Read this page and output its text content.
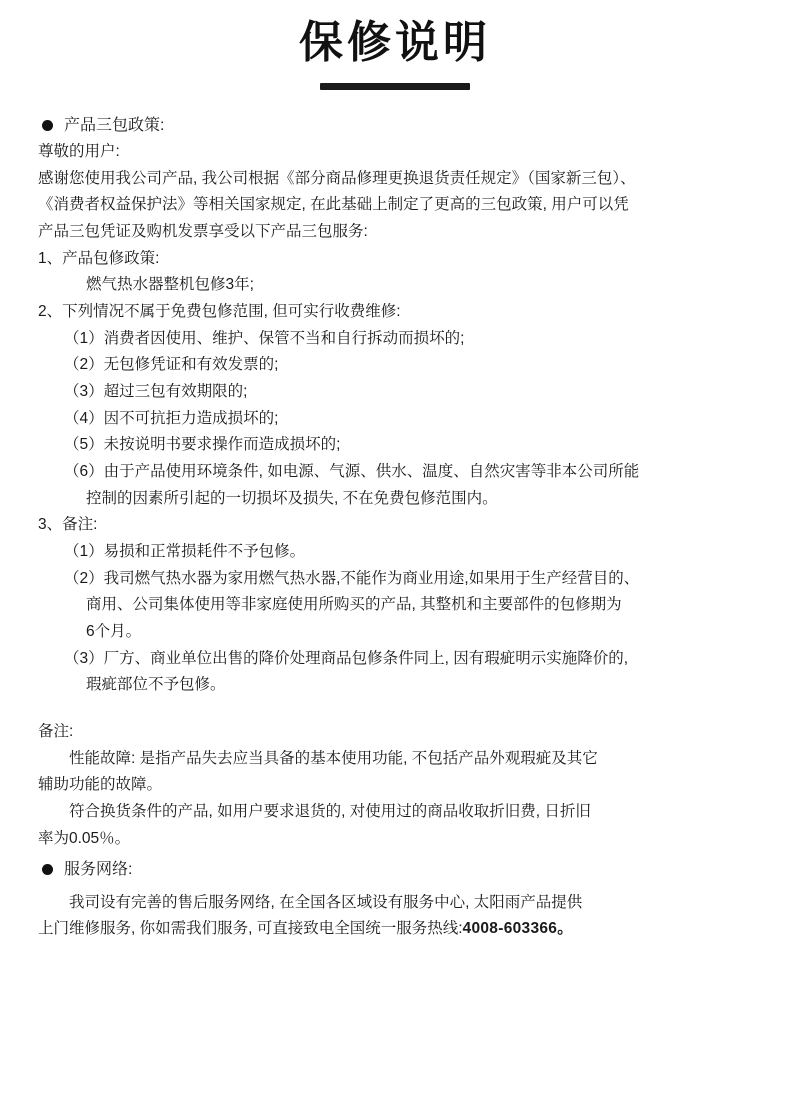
保修说明
产品三包政策:

尊敬的用户:

感谢您使用我公司产品, 我公司根据《部分商品修理更换退货责任规定》（国家新三包）、

《消费者权益保护法》等相关国家规定, 在此基础上制定了更高的三包政策, 用户可以凭

产品三包凭证及购机发票享受以下产品三包服务:

1、产品包修政策:

燃气热水器整机包修3年;

2、下列情况不属于免费包修范围, 但可实行收费维修:

（1）消费者因使用、维护、保管不当和自行拆动而损坏的;

（2）无包修凭证和有效发票的;

（3）超过三包有效期限的;

（4）因不可抗拒力造成损坏的;

（5）未按说明书要求操作而造成损坏的;

（6）由于产品使用环境条件, 如电源、气源、供水、温度、自然灾害等非本公司所能

控制的因素所引起的一切损坏及损失, 不在免费包修范围内。

3、备注:

（1）易损和正常损耗件不予包修。

（2）我司燃气热水器为家用燃气热水器,不能作为商业用途,如果用于生产经营目的、

商用、公司集体使用等非家庭使用所购买的产品, 其整机和主要部件的包修期为

6个月。

（3）厂方、商业单位出售的降价处理商品包修条件同上, 因有瑕疵明示实施降价的,

瑕疵部位不予包修。

备注:

性能故障: 是指产品失去应当具备的基本使用功能, 不包括产品外观瑕疵及其它

辅助功能的故障。

符合换货条件的产品, 如用户要求退货的, 对使用过的商品收取折旧费, 日折旧

率为0.05％。

服务网络:

我司设有完善的售后服务网络, 在全国各区域设有服务中心, 太阳雨产品提供

上门维修服务, 你如需我们服务, 可直接致电全国统一服务热线:4008-603366。
